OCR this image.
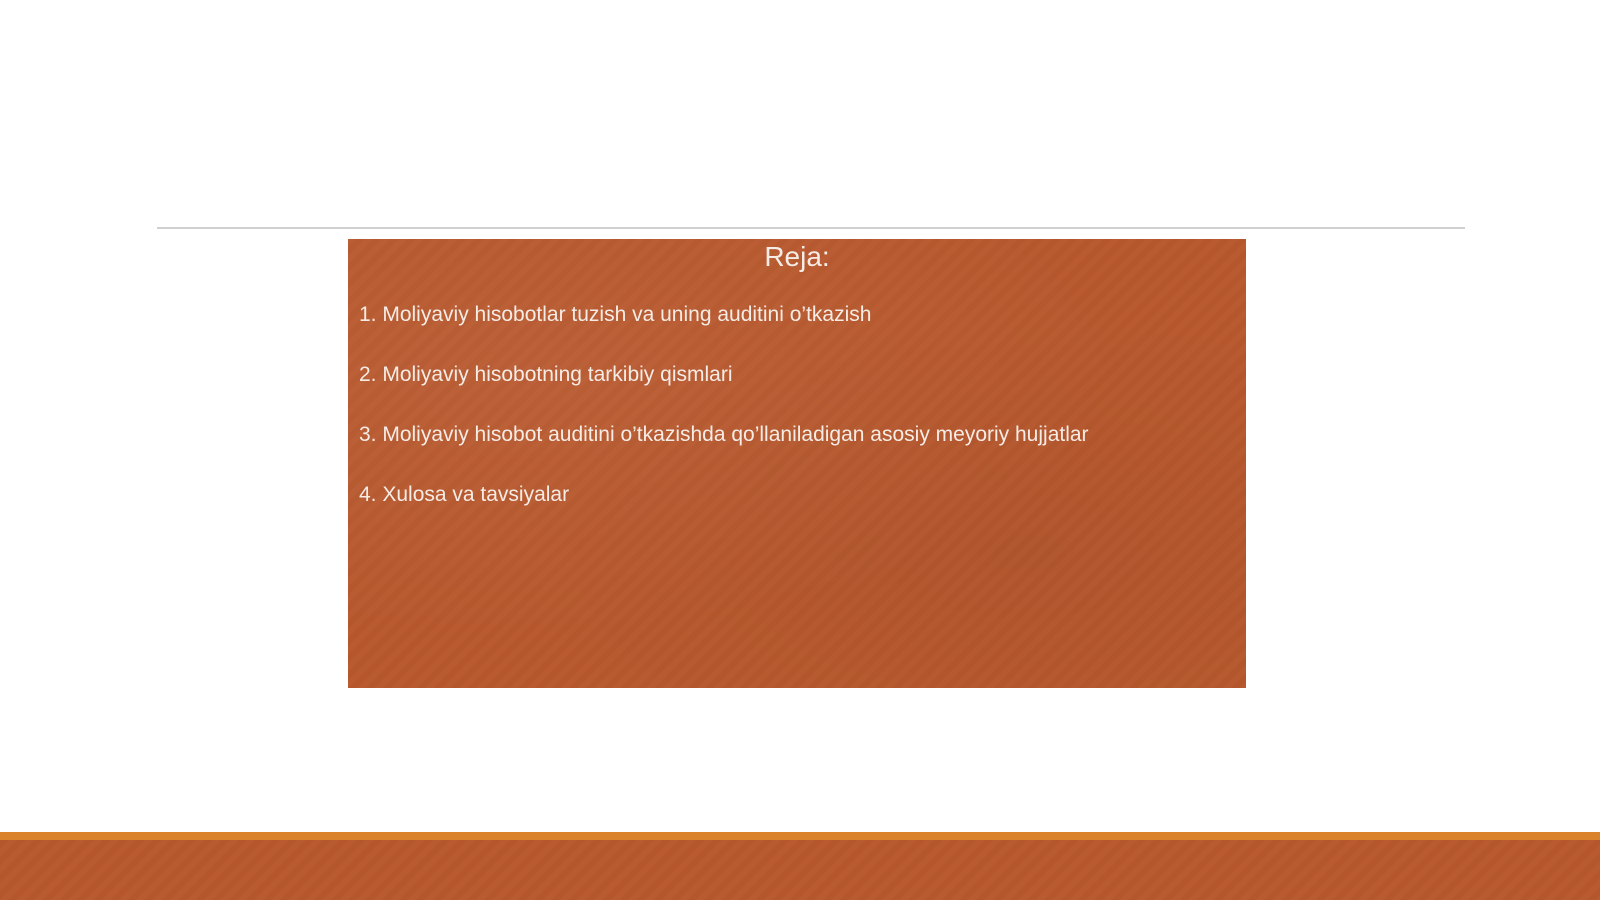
Reja:
1. Moliyaviy hisobotlar tuzish va uning auditini o’tkazish
2. Moliyaviy hisobotning tarkibiy qismlari
3. Moliyaviy hisobot auditini o’tkazishda qo’llaniladigan asosiy meyoriy hujjatlar
4. Xulosa va tavsiyalar
